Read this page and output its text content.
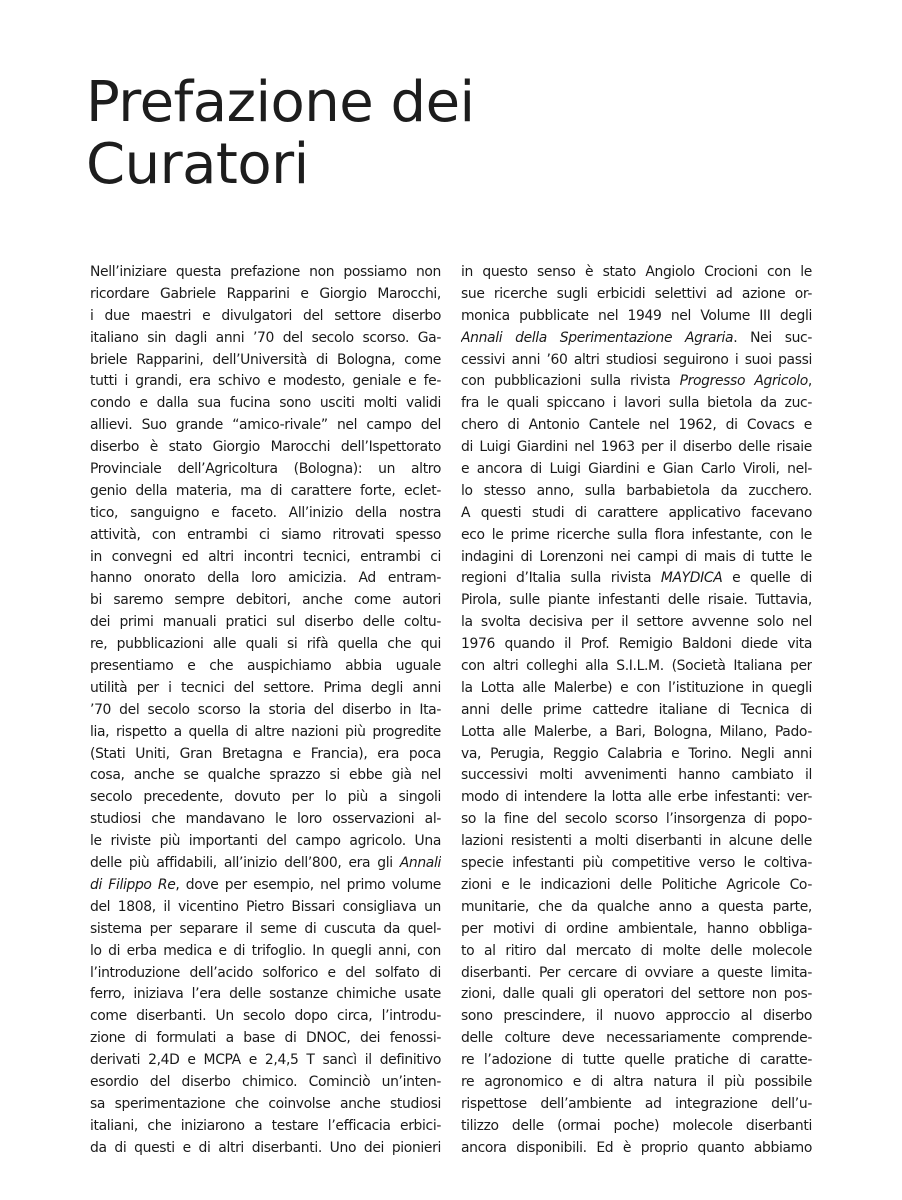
Prefazione dei
Curatori
Nell’iniziare questa prefazione non possiamo non
ricordare Gabriele Rapparini e Giorgio Marocchi,
i due maestri e divulgatori del settore diserbo
italiano sin dagli anni ’70 del secolo scorso. Ga-
briele Rapparini, dell’Università di Bologna, come
tutti i grandi, era schivo e modesto, geniale e fe-
condo e dalla sua fucina sono usciti molti validi
allievi. Suo grande “amico-rivale” nel campo del
diserbo è stato Giorgio Marocchi dell’Ispettorato
Provinciale dell’Agricoltura (Bologna): un altro
genio della materia, ma di carattere forte, eclet-
tico, sanguigno e faceto. All’inizio della nostra
attività, con entrambi ci siamo ritrovati spesso
in convegni ed altri incontri tecnici, entrambi ci
hanno onorato della loro amicizia. Ad entram-
bi saremo sempre debitori, anche come autori
dei primi manuali pratici sul diserbo delle coltu-
re, pubblicazioni alle quali si rifà quella che qui
presentiamo e che auspichiamo abbia uguale
utilità per i tecnici del settore. Prima degli anni
’70 del secolo scorso la storia del diserbo in Ita-
lia, rispetto a quella di altre nazioni più progredite
(Stati Uniti, Gran Bretagna e Francia), era poca
cosa, anche se qualche sprazzo si ebbe già nel
secolo precedente, dovuto per lo più a singoli
studiosi che mandavano le loro osservazioni al-
le riviste più importanti del campo agricolo. Una
delle più affidabili, all’inizio dell’800, era gli Annali
di Filippo Re, dove per esempio, nel primo volume
del 1808, il vicentino Pietro Bissari consigliava un
sistema per separare il seme di cuscuta da quel-
lo di erba medica e di trifoglio. In quegli anni, con
l’introduzione dell’acido solforico e del solfato di
ferro, iniziava l’era delle sostanze chimiche usate
come diserbanti. Un secolo dopo circa, l’introdu-
zione di formulati a base di DNOC, dei fenossi-
derivati 2,4D e MCPA e 2,4,5 T sancì il definitivo
esordio del diserbo chimico. Cominciò un’inten-
sa sperimentazione che coinvolse anche studiosi
italiani, che iniziarono a testare l’efficacia erbici-
da di questi e di altri diserbanti. Uno dei pionieri
in questo senso è stato Angiolo Crocioni con le
sue ricerche sugli erbicidi selettivi ad azione or-
monica pubblicate nel 1949 nel Volume III degli
Annali della Sperimentazione Agraria. Nei suc-
cessivi anni ’60 altri studiosi seguirono i suoi passi
con pubblicazioni sulla rivista Progresso Agricolo,
fra le quali spiccano i lavori sulla bietola da zuc-
chero di Antonio Cantele nel 1962, di Covacs e
di Luigi Giardini nel 1963 per il diserbo delle risaie
e ancora di Luigi Giardini e Gian Carlo Viroli, nel-
lo stesso anno, sulla barbabietola da zucchero.
A questi studi di carattere applicativo facevano
eco le prime ricerche sulla flora infestante, con le
indagini di Lorenzoni nei campi di mais di tutte le
regioni d’Italia sulla rivista MAYDICA e quelle di
Pirola, sulle piante infestanti delle risaie. Tuttavia,
la svolta decisiva per il settore avvenne solo nel
1976 quando il Prof. Remigio Baldoni diede vita
con altri colleghi alla S.I.L.M. (Società Italiana per
la Lotta alle Malerbe) e con l’istituzione in quegli
anni delle prime cattedre italiane di Tecnica di
Lotta alle Malerbe, a Bari, Bologna, Milano, Pado-
va, Perugia, Reggio Calabria e Torino. Negli anni
successivi molti avvenimenti hanno cambiato il
modo di intendere la lotta alle erbe infestanti: ver-
so la fine del secolo scorso l’insorgenza di popo-
lazioni resistenti a molti diserbanti in alcune delle
specie infestanti più competitive verso le coltiva-
zioni e le indicazioni delle Politiche Agricole Co-
munitarie, che da qualche anno a questa parte,
per motivi di ordine ambientale, hanno obbliga-
to al ritiro dal mercato di molte delle molecole
diserbanti. Per cercare di ovviare a queste limita-
zioni, dalle quali gli operatori del settore non pos-
sono prescindere, il nuovo approccio al diserbo
delle colture deve necessariamente comprende-
re l’adozione di tutte quelle pratiche di caratte-
re agronomico e di altra natura il più possibile
rispettose dell’ambiente ad integrazione dell’u-
tilizzo delle (ormai poche) molecole diserbanti
ancora disponibili. Ed è proprio quanto abbiamo
